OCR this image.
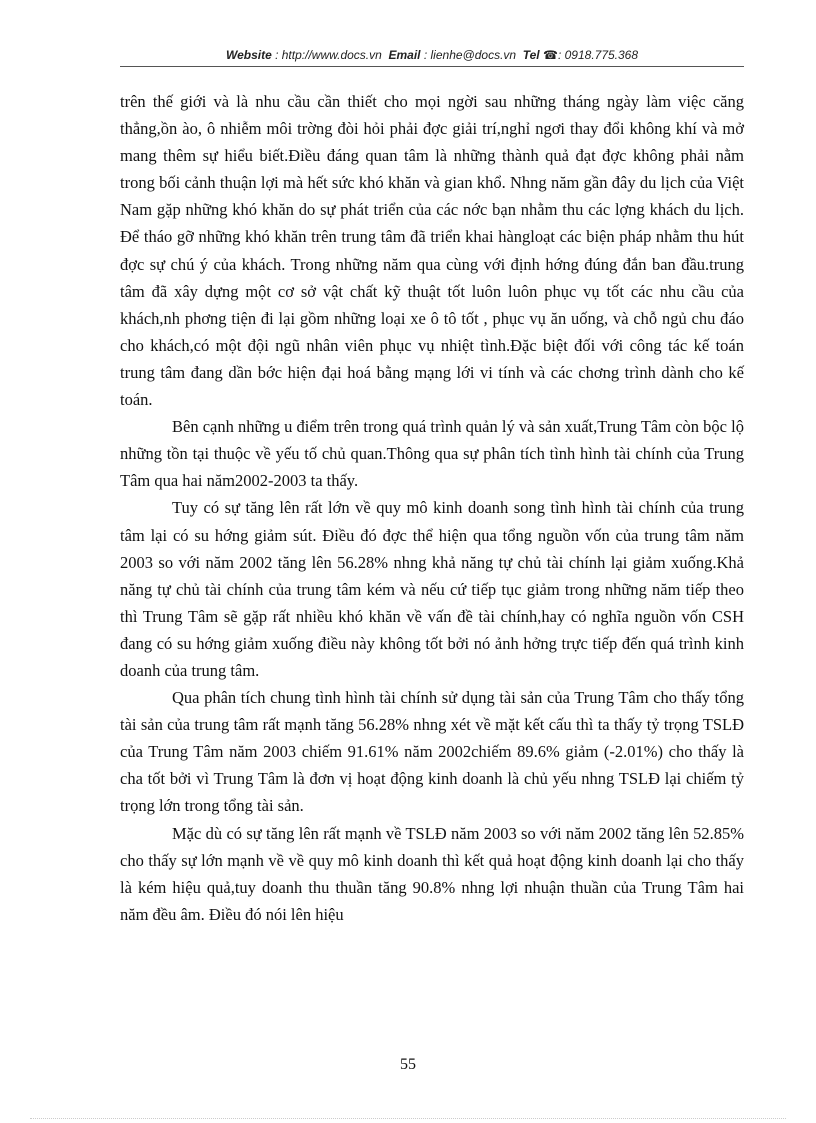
Website : http://www.docs.vn Email : lienhe@docs.vn Tel ☎: 0918.775.368

trên thế giới và là nhu cầu cần thiết cho mọi ngời sau những tháng ngày làm việc căng thẳng,ồn ào, ô nhiễm môi trờng đòi hỏi phải đợc giải trí,nghỉ ngơi thay đổi không khí và mở mang thêm sự hiểu biết.Điều đáng quan tâm là những thành quả đạt đợc không phải nằm trong bối cảnh thuận lợi mà hết sức khó khăn và gian khổ. Nhng năm gần đây du lịch của Việt Nam gặp những khó khăn do sự phát triển của các nớc bạn nhằm thu các lợng khách du lịch. Để tháo gỡ những khó khăn trên trung tâm đã triển khai hàngloạt các biện pháp nhằm thu hút đợc sự chú ý của khách. Trong những năm qua cùng với định hớng đúng đắn ban đầu.trung tâm đã xây dựng một cơ sở vật chất kỹ thuật tốt luôn luôn phục vụ tốt các nhu cầu của khách,nh phơng tiện đi lại gồm những loại xe ô tô tốt , phục vụ ăn uống, và chỗ ngủ chu đáo cho khách,có một đội ngũ nhân viên phục vụ nhiệt tình.Đặc biệt đối với công tác kế toán trung tâm đang dần bớc hiện đại hoá bằng mạng lới vi tính và các chơng trình dành cho kế toán.

Bên cạnh những u điểm trên trong quá trình quản lý và sản xuất,Trung Tâm còn bộc lộ những tồn tại thuộc về yếu tố chủ quan.Thông qua sự phân tích tình hình tài chính của Trung Tâm qua hai năm2002-2003 ta thấy.

Tuy có sự tăng lên rất lớn về quy mô kinh doanh song tình hình tài chính của trung tâm lại có su hớng giảm sút. Điều đó đợc thể hiện qua tổng nguồn vốn của trung tâm năm 2003 so với năm 2002 tăng lên 56.28% nhng khả năng tự chủ tài chính lại giảm xuống.Khả năng tự chủ tài chính của trung tâm kém và nếu cứ tiếp tục giảm trong những năm tiếp theo thì Trung Tâm sẽ gặp rất nhiều khó khăn về vấn đề tài chính,hay có nghĩa nguồn vốn CSH đang có su hớng giảm xuống điều này không tốt bởi nó ảnh hởng trực tiếp đến quá trình kinh doanh của trung tâm.

Qua phân tích chung tình hình tài chính sử dụng tài sản của Trung Tâm cho thấy tổng tài sản của trung tâm rất mạnh tăng 56.28% nhng xét về mặt kết cấu thì ta thấy tỷ trọng TSLĐ của Trung Tâm năm 2003 chiếm 91.61% năm 2002chiếm 89.6% giảm (-2.01%) cho thấy là cha tốt bởi vì Trung Tâm là đơn vị hoạt động kinh doanh là chủ yếu nhng TSLĐ lại chiếm tỷ trọng lớn trong tổng tài sản.

Mặc dù có sự tăng lên rất mạnh về TSLĐ năm 2003 so với năm 2002 tăng lên 52.85% cho thấy sự lớn mạnh về về quy mô kinh doanh thì kết quả hoạt động kinh doanh lại cho thấy là kém hiệu quả,tuy doanh thu thuần tăng 90.8% nhng lợi nhuận thuần của Trung Tâm hai năm đều âm. Điều đó nói lên hiệu

55
